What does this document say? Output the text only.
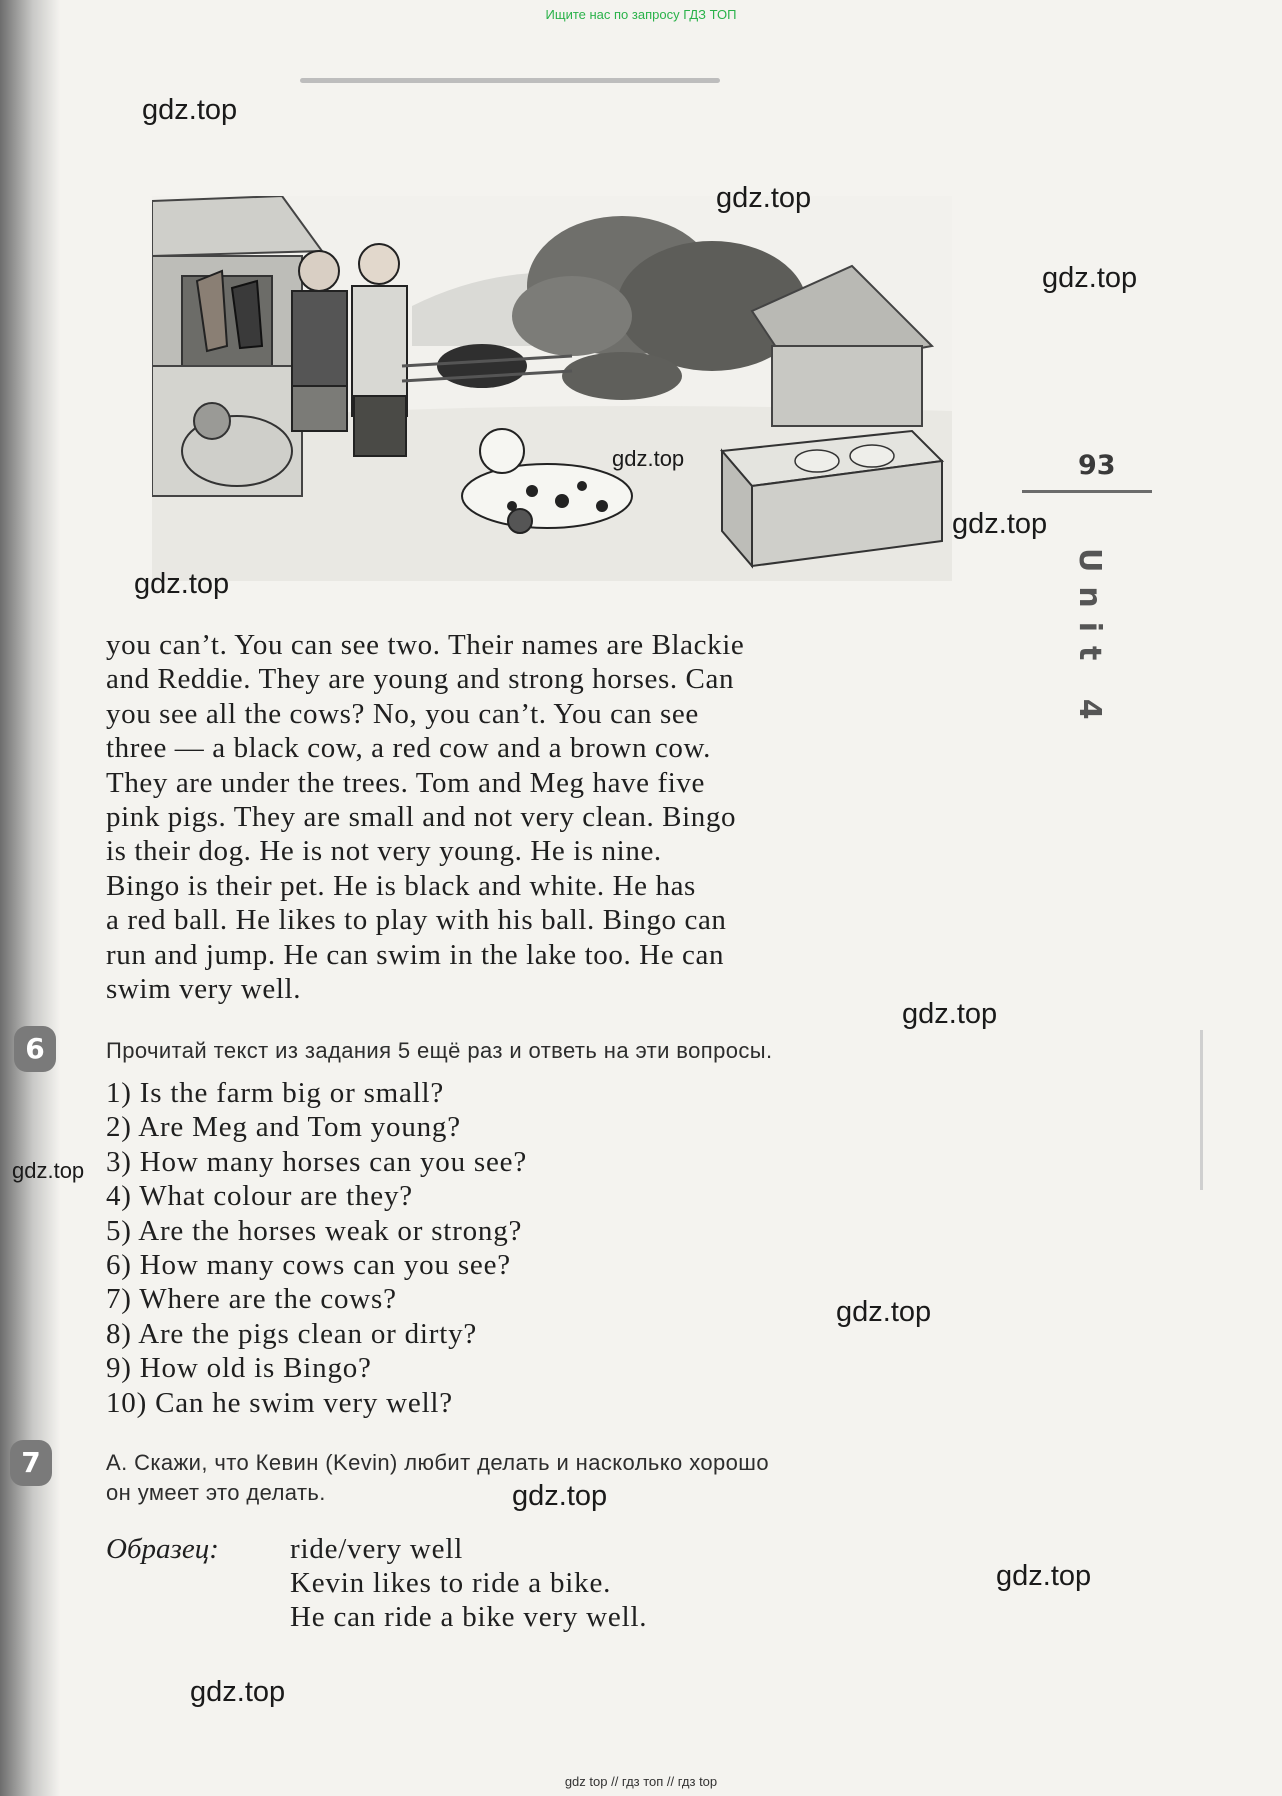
Ищите нас по запросу ГДЗ ТОП
93
Unit 4

you can’t. You can see two. Their names are Blackie

and Reddie. They are young and strong horses. Can

you see all the cows? No, you can’t. You can see

three — a black cow, a red cow and a brown cow.

They are under the trees. Tom and Meg have five

pink pigs. They are small and not very clean. Bingo

is their dog. He is not very young. He is nine.

Bingo is their pet. He is black and white. He has

a red ball. He likes to play with his ball. Bingo can

run and jump. He can swim in the lake too. He can

swim very well.

6	Прочитай текст из задания 5 ещё раз и ответь на эти вопросы.
1) Is the farm big or small?
2) Are Meg and Tom young?
3) How many horses can you see?
4) What colour are they?
5) Are the horses weak or strong?
6) How many cows can you see?
7) Where are the cows?
8) Are the pigs clean or dirty?
9) How old is Bingo?
10) Can he swim very well?
7	A. Скажи, что Кевин (Kevin) любит делать и насколько хорошо
он умеет это делать.
Образец: ride/very well
Kevin likes to ride a bike.
He can ride a bike very well.
gdz.top
gdz.top
gdz.top
gdz.top
gdz.top
gdz.top
gdz.top
gdz.top
gdz.top
gdz.top
gdz.top
gdz.top
gdz top // гдз топ // гдз top
